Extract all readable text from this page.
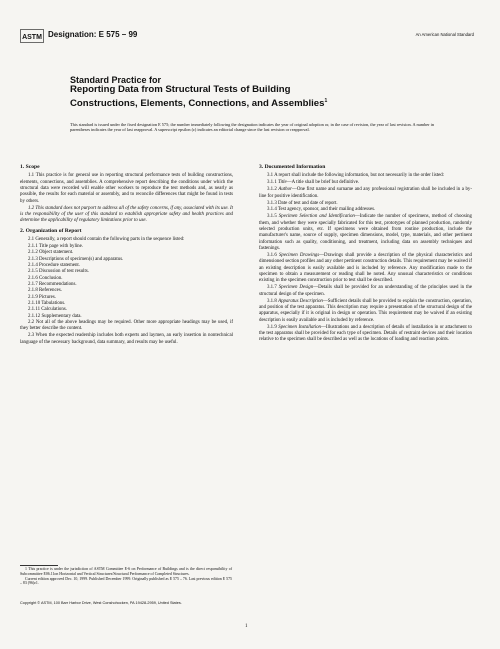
ASTM Designation: E 575 – 99	An American National Standard
Standard Practice for
Reporting Data from Structural Tests of Building
Constructions, Elements, Connections, and Assemblies$^1$
This standard is issued under the fixed designation E 575; the number immediately following the designation indicates the year of original adoption or, in the case of revision, the year of last revision. A number in parentheses indicates the year of last reapproval. A superscript epsilon (ε) indicates an editorial change since the last revision or reapproval.
1. Scope

1.1 This practice is for general use in reporting structural performance tests of building constructions, elements, connections, and assemblies. A comprehensive report describing the conditions under which the structural data were recorded will enable other workers to reproduce the test methods and, as nearly as possible, the results for each material or assembly, and to reconcile differences that might be found in tests by others.

1.2 This standard does not purport to address all of the safety concerns, if any, associated with its use. It is the responsibility of the user of this standard to establish appropriate safety and health practices and determine the applicability of regulatory limitations prior to use.

2. Organization of Report

2.1 Generally, a report should contain the following parts in the sequence listed:

2.1.1 Title page with byline.
2.1.2 Object statement.
2.1.3 Descriptions of specimen(s) and apparatus.
2.1.4 Procedure statement.
2.1.5 Discussion of test results.
2.1.6 Conclusion.
2.1.7 Recommendations.
2.1.8 References.
2.1.9 Pictures.
2.1.10 Tabulations.
2.1.11 Calculations.
2.1.12 Supplementary data.

2.2 Not all of the above headings may be required. Other more appropriate headings may be used, if they better describe the content.

2.3 When the expected readership includes both experts and laymen, an early insertion in nontechnical language of the necessary background, data summary, and results may be useful.

1 This practice is under the jurisdiction of ASTM Committee E-6 on Performance of Buildings and is the direct responsibility of Subcommittee E06.11on Horizontal and Vertical Structures/Structural Performance of Completed Structures.

Current edition approved Dec. 10, 1999. Published December 1999. Originally published as E 575 – 76. Last previous edition E 575 – 83 (96)ε1.

3. Documented Information

3.1 A report shall include the following information, but not necessarily in the order listed:

3.1.1 Title—A title shall be brief but definitive.

3.1.2 Author—One first name and surname and any professional registration shall be included in a by-line for positive identification.

3.1.3 Date of test and date of report.

3.1.4 Test agency, sponsor, and their mailing addresses.

3.1.5 Specimen Selection and Identification—Indicate the number of specimens, method of choosing them, and whether they were specially fabricated for this test, prototypes of planned production, randomly selected production units, etc. If specimens were obtained from routine production, include the manufacturer's name, source of supply, specimen dimensions, model, type, materials, and other pertinent information such as quality, conditioning, and treatment, including data on assembly techniques and fastenings.

3.1.6 Specimen Drawings—Drawings shall provide a description of the physical characteristics and dimensioned section profiles and any other pertinent construction details. This requirement may be waived if an existing description is easily available and is included by reference. Any modification made to the specimen to obtain a measurement or reading shall be noted. Any unusual characteristics or conditions existing in the specimen construction prior to test shall be described.

3.1.7 Specimen Design—Details shall be provided for an understanding of the principles used in the structural design of the specimen.

3.1.8 Apparatus Description—Sufficient details shall be provided to explain the construction, operation, and position of the test apparatus. This description may require a presentation of the structural design of the apparatus, especially if it is original in design or operation. This requirement may be waived if an existing description is easily available and is included by reference.

3.1.9 Specimen Installation—Illustrations and a description of details of installation in or attachment to the test apparatus shall be provided for each type of specimen. Details of restraint devices and their location relative to the specimen shall be described as well as the locations of loading and reaction points.

Copyright © ASTM, 100 Barr Harbor Drive, West Conshohocken, PA 19428-2959, United States.
1
